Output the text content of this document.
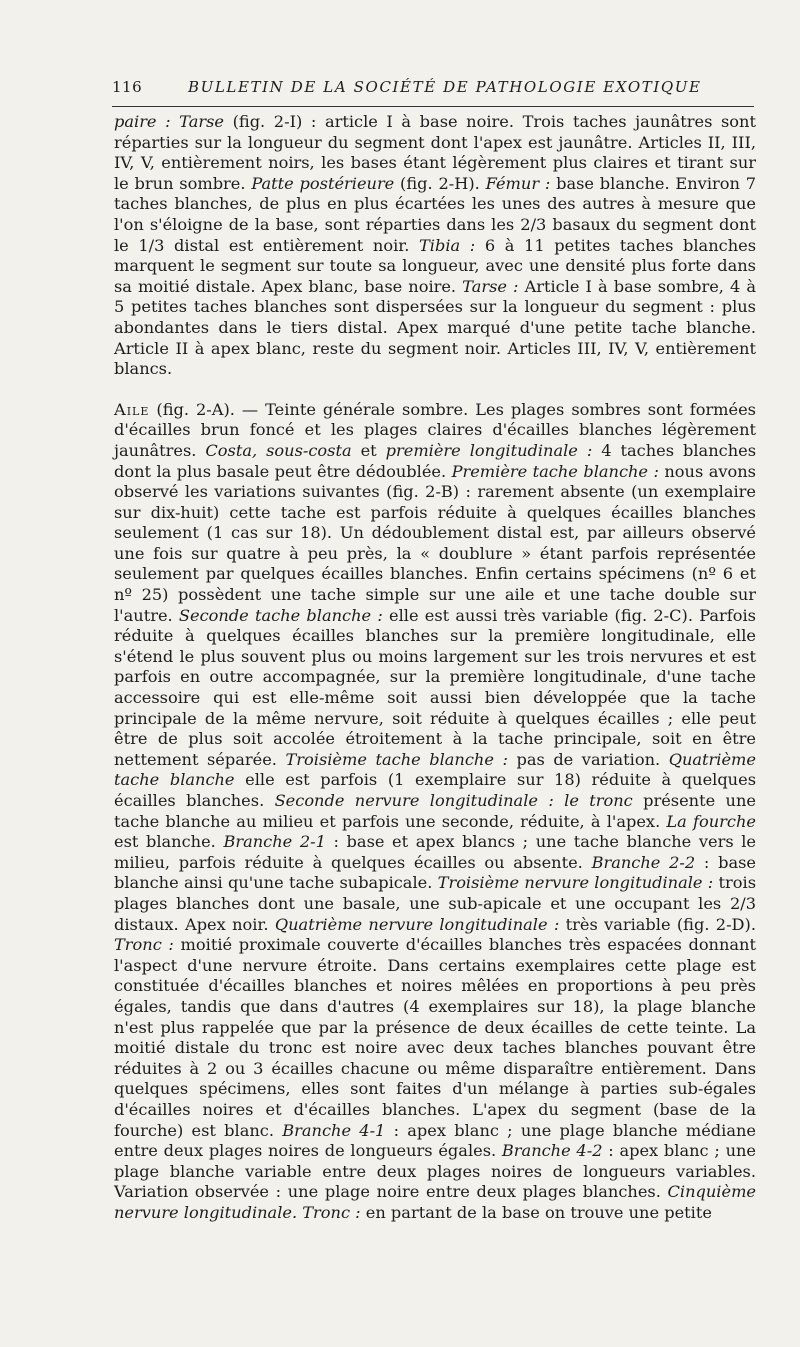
116	BULLETIN DE LA SOCIÉTÉ DE PATHOLOGIE EXOTIQUE

paire : Tarse (fig. 2-I) : article I à base noire. Trois taches jaunâtres sont réparties sur la longueur du segment dont l'apex est jaunâtre. Articles II, III, IV, V, entièrement noirs, les bases étant légèrement plus claires et tirant sur le brun sombre. Patte postérieure (fig. 2-H). Fémur : base blanche. Environ 7 taches blanches, de plus en plus écartées les unes des autres à mesure que l'on s'éloigne de la base, sont réparties dans les 2/3 basaux du segment dont le 1/3 distal est entièrement noir. Tibia : 6 à 11 petites taches blanches marquent le segment sur toute sa longueur, avec une densité plus forte dans sa moitié distale. Apex blanc, base noire. Tarse : Article I à base sombre, 4 à 5 petites taches blanches sont dispersées sur la longueur du segment : plus abondantes dans le tiers distal. Apex marqué d'une petite tache blanche. Article II à apex blanc, reste du segment noir. Articles III, IV, V, entièrement blancs.

Aile (fig. 2-A). — Teinte générale sombre. Les plages sombres sont formées d'écailles brun foncé et les plages claires d'écailles blanches légèrement jaunâtres. Costa, sous-costa et première longitudinale : 4 taches blanches dont la plus basale peut être dédoublée. Première tache blanche : nous avons observé les variations suivantes (fig. 2-B) : rarement absente (un exemplaire sur dix-huit) cette tache est parfois réduite à quelques écailles blanches seulement (1 cas sur 18). Un dédoublement distal est, par ailleurs observé une fois sur quatre à peu près, la « doublure » étant parfois représentée seulement par quelques écailles blanches. Enfin certains spécimens (nº 6 et nº 25) possèdent une tache simple sur une aile et une tache double sur l'autre. Seconde tache blanche : elle est aussi très variable (fig. 2-C). Parfois réduite à quelques écailles blanches sur la première longitudinale, elle s'étend le plus souvent plus ou moins largement sur les trois nervures et est parfois en outre accompagnée, sur la première longitudinale, d'une tache accessoire qui est elle-même soit aussi bien développée que la tache principale de la même nervure, soit réduite à quelques écailles ; elle peut être de plus soit accolée étroitement à la tache principale, soit en être nettement séparée. Troisième tache blanche : pas de variation. Quatrième tache blanche elle est parfois (1 exemplaire sur 18) réduite à quelques écailles blanches. Seconde nervure longitudinale : le tronc présente une tache blanche au milieu et parfois une seconde, réduite, à l'apex. La fourche est blanche. Branche 2-1 : base et apex blancs ; une tache blanche vers le milieu, parfois réduite à quelques écailles ou absente. Branche 2-2 : base blanche ainsi qu'une tache subapicale. Troisième nervure longitudinale : trois plages blanches dont une basale, une sub-apicale et une occupant les 2/3 distaux. Apex noir. Quatrième nervure longitudinale : très variable (fig. 2-D). Tronc : moitié proximale couverte d'écailles blanches très espacées donnant l'aspect d'une nervure étroite. Dans certains exemplaires cette plage est constituée d'écailles blanches et noires mêlées en proportions à peu près égales, tandis que dans d'autres (4 exemplaires sur 18), la plage blanche n'est plus rappelée que par la présence de deux écailles de cette teinte. La moitié distale du tronc est noire avec deux taches blanches pouvant être réduites à 2 ou 3 écailles chacune ou même disparaître entièrement. Dans quelques spécimens, elles sont faites d'un mélange à parties sub-égales d'écailles noires et d'écailles blanches. L'apex du segment (base de la fourche) est blanc. Branche 4-1 : apex blanc ; une plage blanche médiane entre deux plages noires de longueurs égales. Branche 4-2 : apex blanc ; une plage blanche variable entre deux plages noires de longueurs variables. Variation observée : une plage noire entre deux plages blanches. Cinquième nervure longitudinale. Tronc : en partant de la base on trouve une petite
